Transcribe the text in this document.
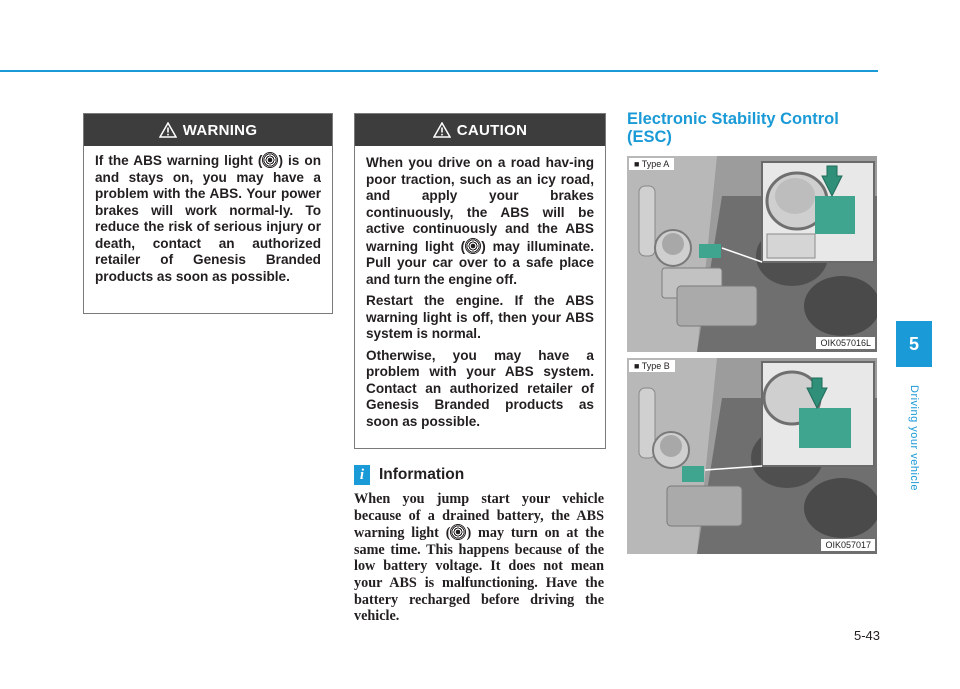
5
Driving your vehicle
WARNING

If the ABS warning light ( ) is on and stays on, you may have a problem with the ABS. Your power brakes will work normal-ly. To reduce the risk of serious injury or death, contact an authorized retailer of Genesis Branded products as soon as possible.

CAUTION

When you drive on a road hav-ing poor traction, such as an icy road, and apply your brakes continuously, the ABS will be active continuously and the ABS warning light ( ) may illuminate. Pull your car over to a safe place and turn the engine off.

Restart the engine. If the ABS warning light is off, then your ABS system is normal.

Otherwise, you may have a problem with your ABS system. Contact an authorized retailer of Genesis Branded products as soon as possible.

i Information
When you jump start your vehicle because of a drained battery, the ABS warning light ( ) may turn on at the same time. This happens because of the low battery voltage. It does not mean your ABS is malfunctioning. Have the battery recharged before driving the vehicle.
Electronic Stability Control (ESC)
■ Type A
OIK057016L
■ Type B
OIK057017
5-43
